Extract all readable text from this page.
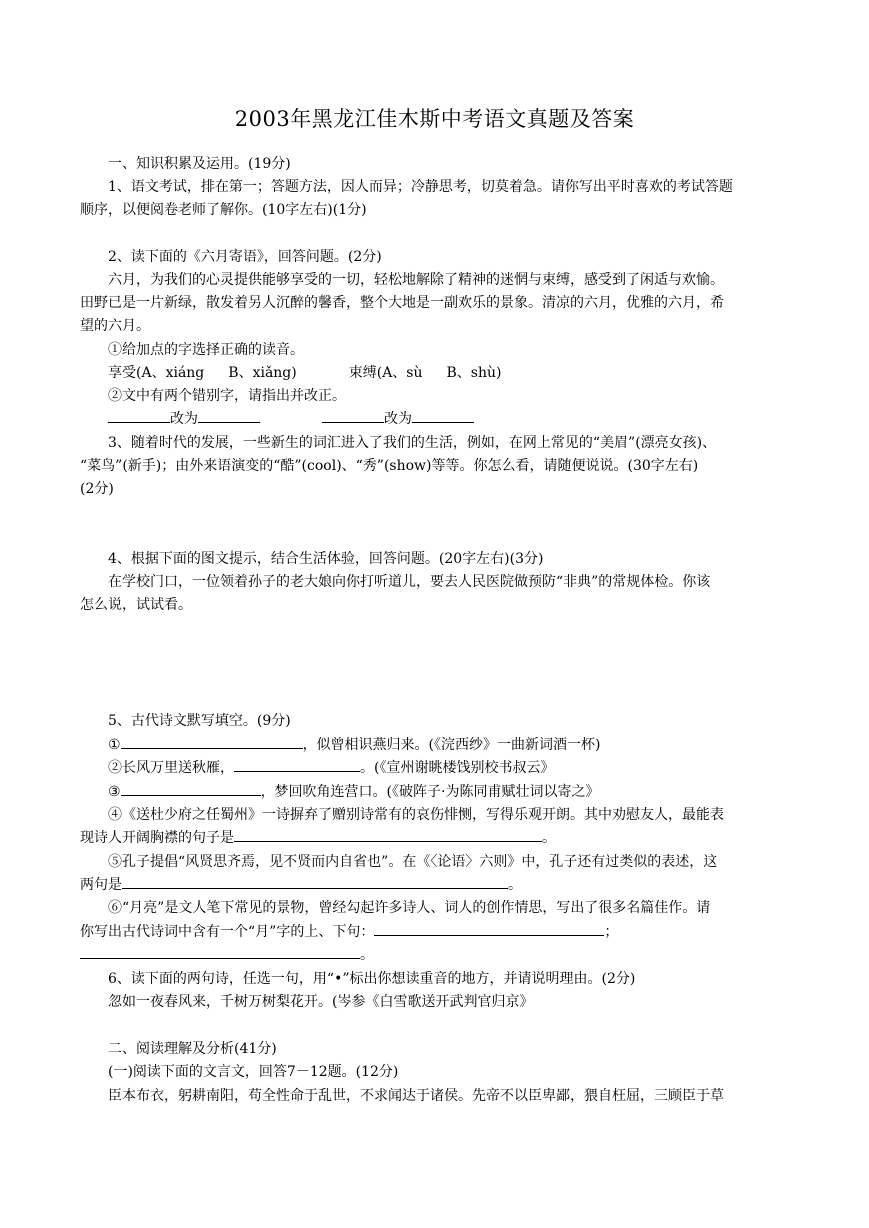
2003年黑龙江佳木斯中考语文真题及答案
一、知识积累及运用。(19分)
1、语文考试，排在第一；答题方法，因人而异；冷静思考，切莫着急。请你写出平时喜欢的考试答题
顺序，以便阅卷老师了解你。(10字左右)(1分)
2、读下面的《六月寄语》，回答问题。(2分)
六月，为我们的心灵提供能够享受的一切，轻松地解除了精神的迷惘与束缚，感受到了闲适与欢愉。
田野已是一片新绿，散发着另人沉醉的馨香，整个大地是一副欢乐的景象。清凉的六月，优雅的六月，希
望的六月。
①给加点的字选择正确的读音。
享受(A、xiáng B、xiǎng)	束缚(A、sù B、shù)
②文中有两个错别字，请指出并改正。
改为	改为
3、随着时代的发展，一些新生的词汇进入了我们的生活，例如，在网上常见的“美眉”(漂亮女孩)、
“菜鸟”(新手)；由外来语演变的“酷”(cool)、“秀”(show)等等。你怎么看，请随便说说。(30字左右)
(2分)
4、根据下面的图文提示，结合生活体验，回答问题。(20字左右)(3分)
在学校门口，一位领着孙子的老大娘向你打听道儿，要去人民医院做预防“非典”的常规体检。你该
怎么说，试试看。
5、古代诗文默写填空。(9分)
①	，似曾相识燕归来。(《浣西纱》一曲新词酒一杯)
②长风万里送秋雁，	。(《宣州谢眺楼饯别校书叔云》
③	，梦回吹角连营口。(《破阵子·为陈同甫赋壮词以寄之》
④《送杜少府之任蜀州》一诗摒弃了赠别诗常有的哀伤悱恻，写得乐观开朗。其中劝慰友人，最能表
现诗人开阔胸襟的句子是	。
⑤孔子提倡“风贤思齐焉，见不贤而内自省也”。在《〈论语〉六则》中，孔子还有过类似的表述，这
两句是	。
⑥“月亮”是文人笔下常见的景物，曾经勾起许多诗人、词人的创作情思，写出了很多名篇佳作。请
你写出古代诗词中含有一个“月”字的上、下句：	；
。
6、读下面的两句诗，任选一句，用“•”标出你想读重音的地方，并请说明理由。(2分)
忽如一夜春风来，千树万树梨花开。(岑参《白雪歌送开武判官归京》
二、阅读理解及分析(41分)
(一)阅读下面的文言文，回答7－12题。(12分)
臣本布衣，躬耕南阳，苟全性命于乱世，不求闻达于诸侯。先帝不以臣卑鄙，猥自枉屈，三顾臣于草
